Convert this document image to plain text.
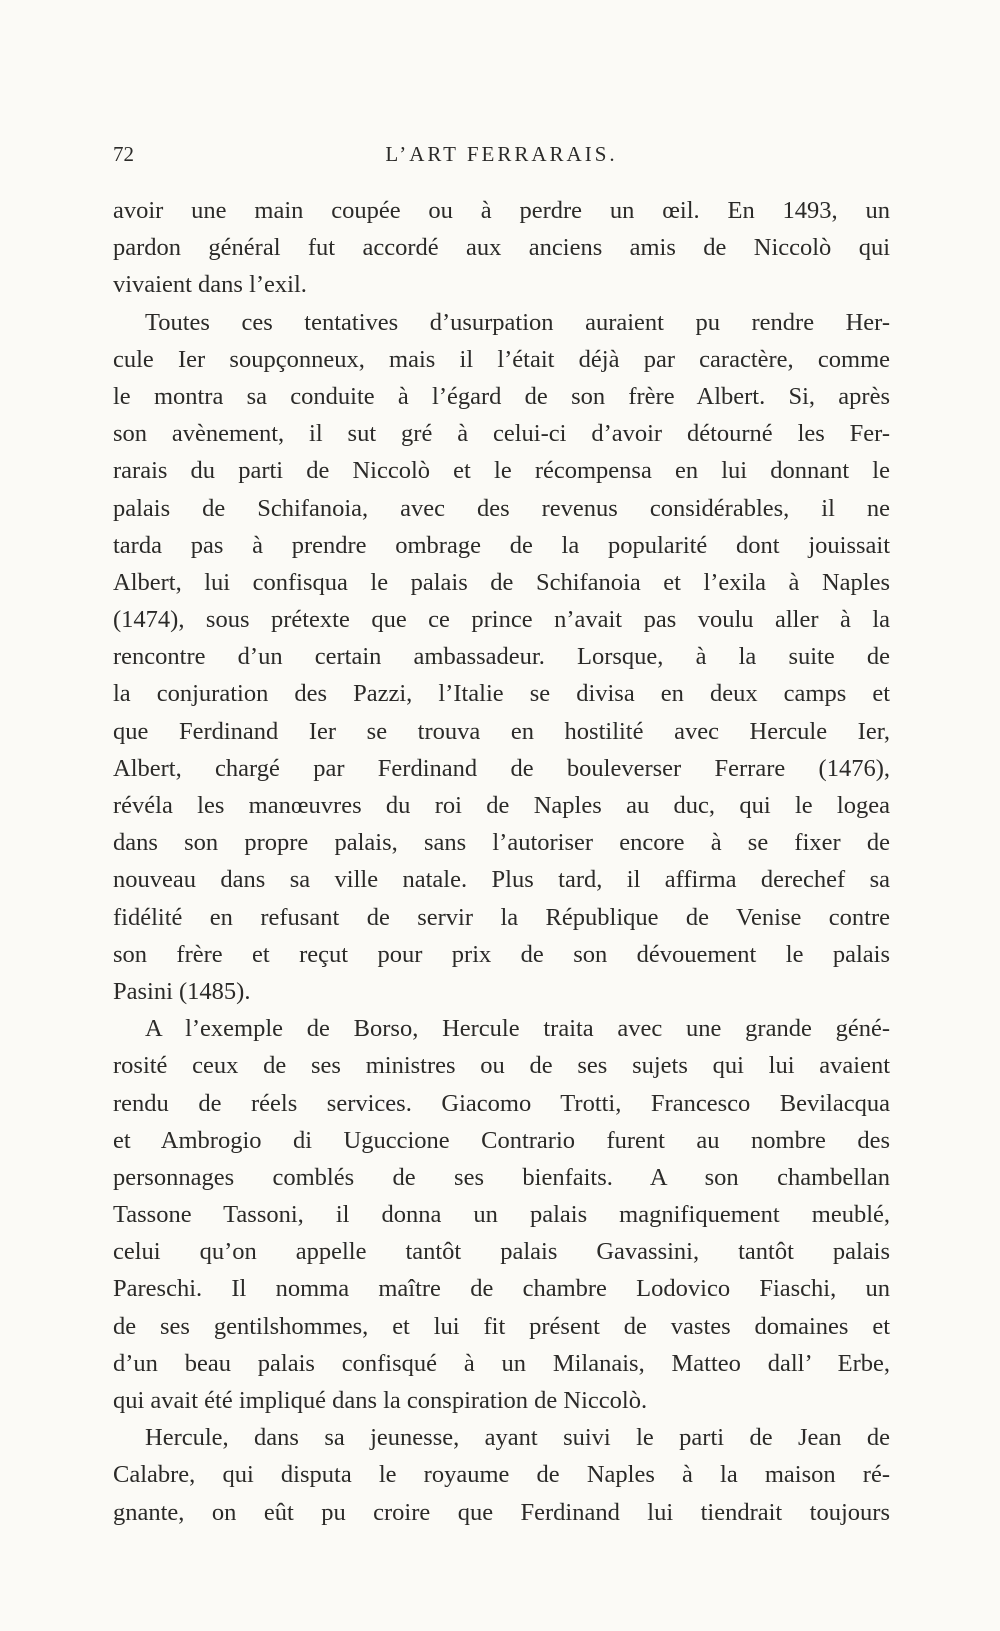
72	L’ART FERRARAIS.
avoir une main coupée ou à perdre un œil. En 1493, un
pardon général fut accordé aux anciens amis de Niccolò qui
vivaient dans l’exil.
Toutes ces tentatives d’usurpation auraient pu rendre Her-
cule Ier soupçonneux, mais il l’était déjà par caractère, comme
le montra sa conduite à l’égard de son frère Albert. Si, après
son avènement, il sut gré à celui-ci d’avoir détourné les Fer-
rarais du parti de Niccolò et le récompensa en lui donnant le
palais de Schifanoia, avec des revenus considérables, il ne
tarda pas à prendre ombrage de la popularité dont jouissait
Albert, lui confisqua le palais de Schifanoia et l’exila à Naples
(1474), sous prétexte que ce prince n’avait pas voulu aller à la
rencontre d’un certain ambassadeur. Lorsque, à la suite de
la conjuration des Pazzi, l’Italie se divisa en deux camps et
que Ferdinand Ier se trouva en hostilité avec Hercule Ier,
Albert, chargé par Ferdinand de bouleverser Ferrare (1476),
révéla les manœuvres du roi de Naples au duc, qui le logea
dans son propre palais, sans l’autoriser encore à se fixer de
nouveau dans sa ville natale. Plus tard, il affirma derechef sa
fidélité en refusant de servir la République de Venise contre
son frère et reçut pour prix de son dévouement le palais
Pasini (1485).
A l’exemple de Borso, Hercule traita avec une grande géné-
rosité ceux de ses ministres ou de ses sujets qui lui avaient
rendu de réels services. Giacomo Trotti, Francesco Bevilacqua
et Ambrogio di Uguccione Contrario furent au nombre des
personnages comblés de ses bienfaits. A son chambellan
Tassone Tassoni, il donna un palais magnifiquement meublé,
celui qu’on appelle tantôt palais Gavassini, tantôt palais
Pareschi. Il nomma maître de chambre Lodovico Fiaschi, un
de ses gentilshommes, et lui fit présent de vastes domaines et
d’un beau palais confisqué à un Milanais, Matteo dall’ Erbe,
qui avait été impliqué dans la conspiration de Niccolò.
Hercule, dans sa jeunesse, ayant suivi le parti de Jean de
Calabre, qui disputa le royaume de Naples à la maison ré-
gnante, on eût pu croire que Ferdinand lui tiendrait toujours
